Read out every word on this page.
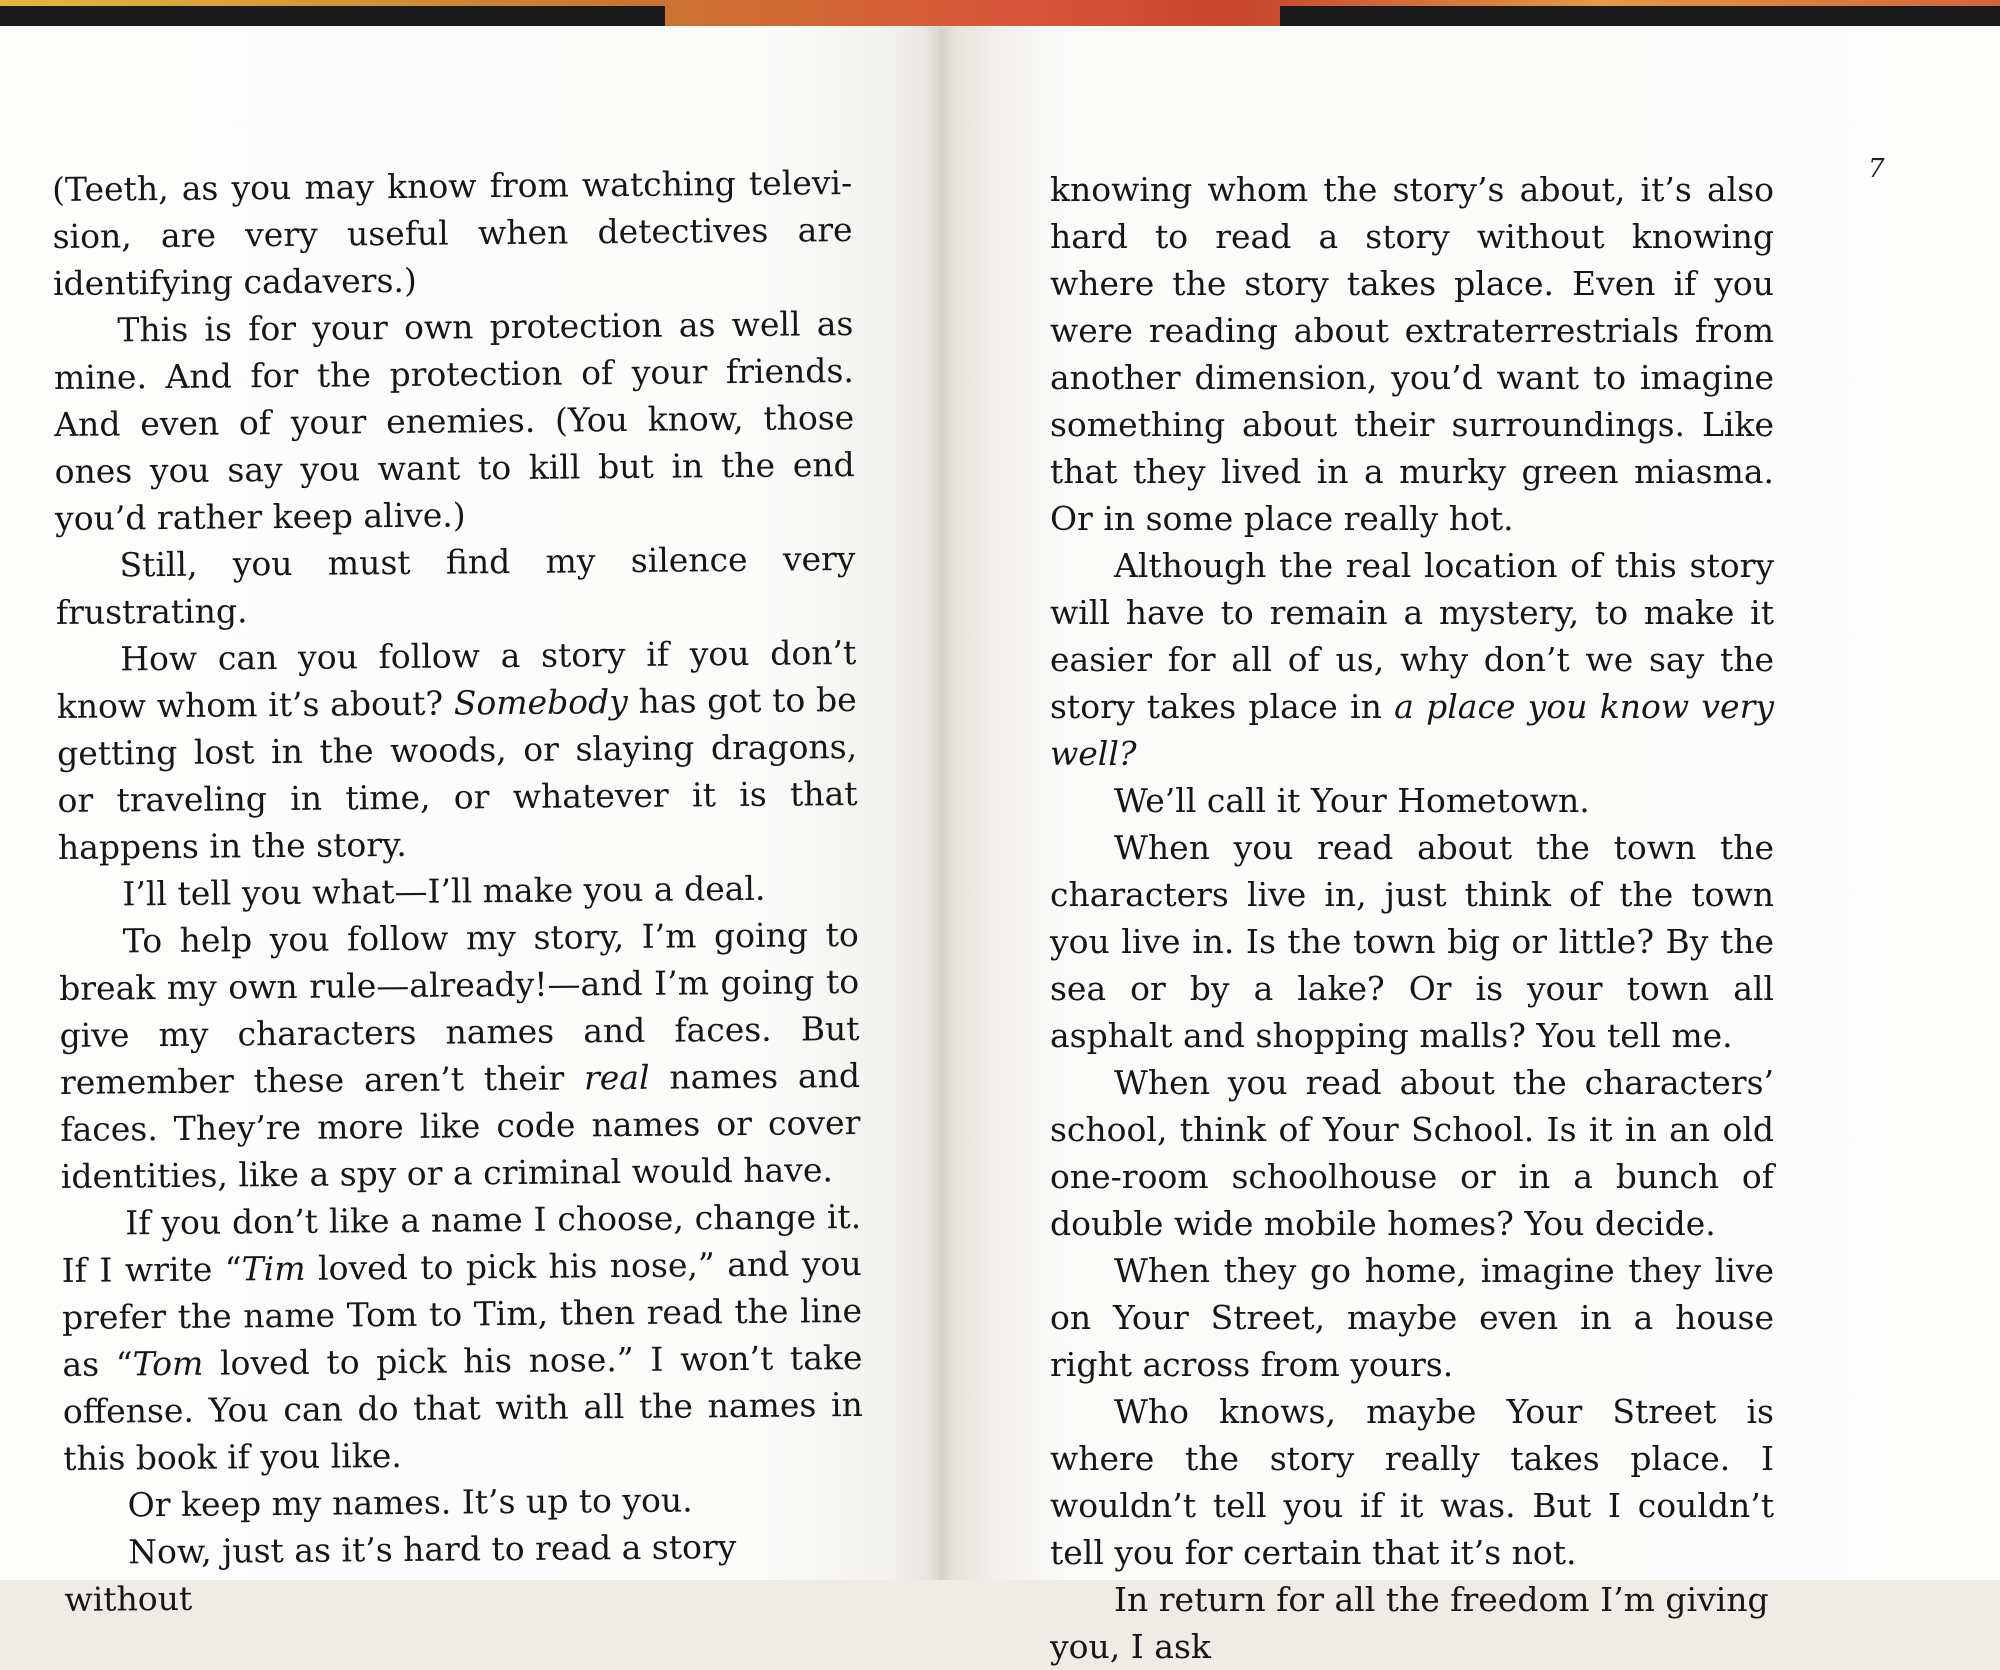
(Teeth, as you may know from watching television, are very useful when detectives are identifying cadavers.)

This is for your own protection as well as mine. And for the protection of your friends. And even of your enemies. (You know, those ones you say you want to kill but in the end you’d rather keep alive.)

Still, you must find my silence very frustrating.

How can you follow a story if you don’t know whom it’s about? Somebody has got to be getting lost in the woods, or slaying dragons, or traveling in time, or whatever it is that happens in the story.

I’ll tell you what—I’ll make you a deal.

To help you follow my story, I’m going to break my own rule—already!—and I’m going to give my characters names and faces. But remember these aren’t their real names and faces. They’re more like code names or cover identities, like a spy or a criminal would have.

If you don’t like a name I choose, change it. If I write “Tim loved to pick his nose,” and you prefer the name Tom to Tim, then read the line as “Tom loved to pick his nose.” I won’t take offense. You can do that with all the names in this book if you like.

Or keep my names. It’s up to you.

Now, just as it’s hard to read a story without

7

knowing whom the story’s about, it’s also hard to read a story without knowing where the story takes place. Even if you were reading about extraterrestrials from another dimension, you’d want to imagine something about their surroundings. Like that they lived in a murky green miasma. Or in some place really hot.

Although the real location of this story will have to remain a mystery, to make it easier for all of us, why don’t we say the story takes place in a place you know very well?

We’ll call it Your Hometown.

When you read about the town the characters live in, just think of the town you live in. Is the town big or little? By the sea or by a lake? Or is your town all asphalt and shopping malls? You tell me.

When you read about the characters’ school, think of Your School. Is it in an old one-room schoolhouse or in a bunch of double wide mobile homes? You decide.

When they go home, imagine they live on Your Street, maybe even in a house right across from yours.

Who knows, maybe Your Street is where the story really takes place. I wouldn’t tell you if it was. But I couldn’t tell you for certain that it’s not.

In return for all the freedom I’m giving you, I ask
